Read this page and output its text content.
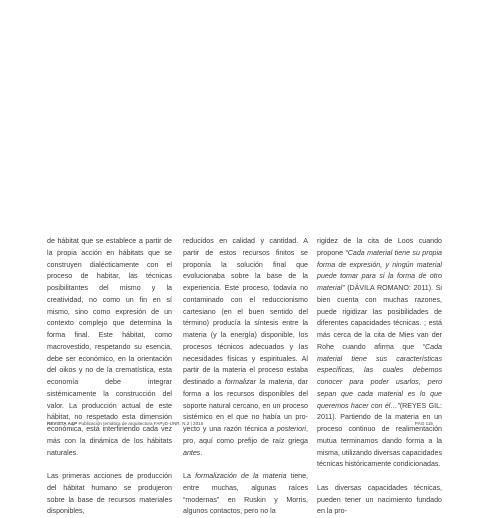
de hábitat que se establece a partir de la propia acción en hábitats que se construyen dialécticamente con el proceso de habitar, las técnicas posibilitantes del mismo y la creatividad, no como un fin en sí mismo, sino como expresión de un contexto complejo que determina la forma final. Este hábitat, como macrovestido, respetando su esencia, debe ser económico, en la orientación del oikos y no de la crematística, esta economía debe integrar sistémicamente la construcción del valor. La producción actual de este hábitat, no respetado esta dimensión económica, está interfiriendo cada vez más con la dinámica de los hábitats naturales.

Las primeras acciones de producción del hábitat humano se produjeron sobre la base de recursos materiales disponibles,

reducidos en calidad y cantidad. A partir de estos recursos finitos se proponía la solución final que evolucionaba sobre la base de la experiencia. Este proceso, todavía no contaminado con el reduccionismo cartesiano (en el buen sentido del término) producía la síntesis entre la materia (y la energía) disponible, los procesos técnicos adecuados y las necesidades físicas y espirituales. Al partir de la materia el proceso estaba destinado a formalizar la materia, dar forma a los recursos disponibles del soporte natural cercano, en un proceso sistémico en el que no había un pro-yecto y una razón técnica a posteriori, pro, aquí como prefijo de raíz griega antes.

La formalización de la materia tiene, entre muchas, algunas raíces “modernas” en Ruskin y Morris, algunos contactos, pero no la

rigidez de la cita de Loos cuando propone “Cada material tiene su propia forma de expresión, y ningún material puede tomar para sí la forma de otro material” (DÁVILA ROMANO: 2011). Si bien cuenta con muchas razones, puede rigidizar las posibilidades de diferentes capacidades técnicas. ; está más cerca de la cita de Mies van der Rohe cuando afirma que “Cada material tiene sus características específicas, las cuales debemos conocer para poder usarlos, pero sepan que cada material es lo que queremos hacer con él…”(REYES GIL: 2011). Partiendo de la materia en un proceso continuo de realimentación mutua terminamos dando forma a la misma, utilizando diversas capacidades técnicas históricamente condicionadas.

Las diversas capacidades técnicas, pueden tener un nacimiento fundado en la pro-

REVISTA A&P Publicación temática de arquitectura FAPyD-UNR. N.2 | 2015	PÁG 115
